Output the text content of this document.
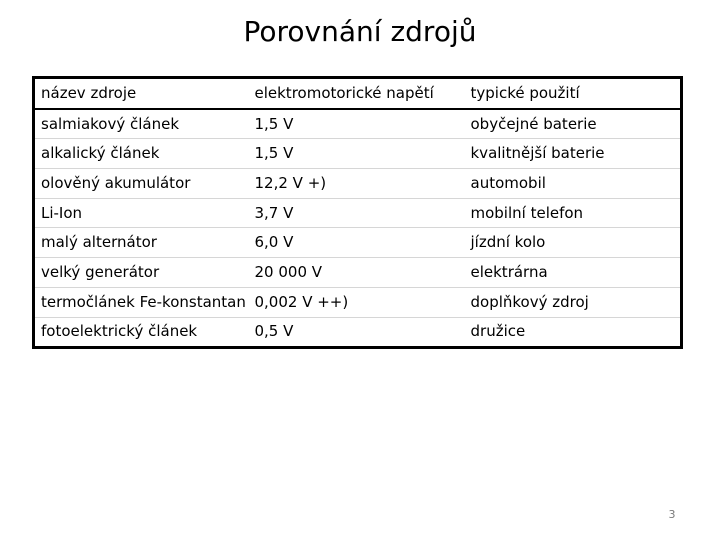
Porovnání zdrojů
název zdroje	elektromotorické napětí	typické použití
salmiakový článek	1,5 V	obyčejné baterie
alkalický článek	1,5 V	kvalitnější baterie
olověný akumulátor	12,2 V +)	automobil
Li-Ion	3,7 V	mobilní telefon
malý alternátor	6,0 V	jízdní kolo
velký generátor	20 000 V	elektrárna
termočlánek Fe-konstantan	0,002 V ++)	doplňkový zdroj
fotoelektrický článek	0,5 V	družice
3
